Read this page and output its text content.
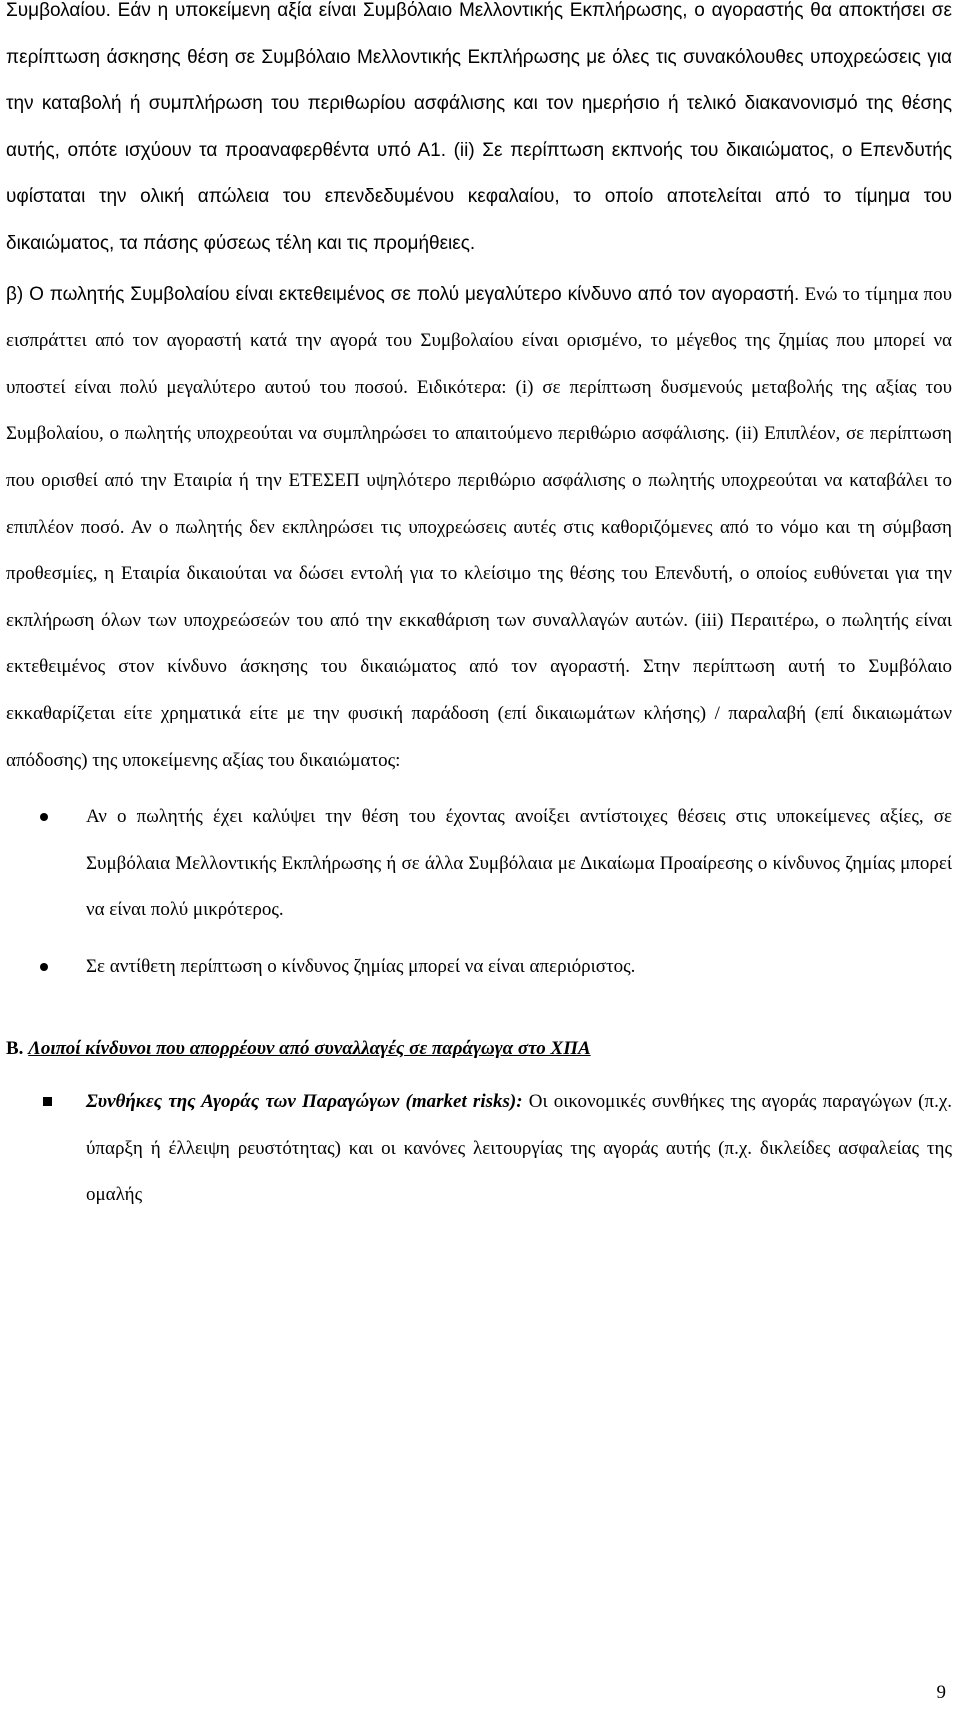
Συμβολαίου. Εάν η υποκείμενη αξία είναι Συμβόλαιο Μελλοντικής Εκπλήρωσης, ο αγοραστής θα αποκτήσει σε περίπτωση άσκησης θέση σε Συμβόλαιο Μελλοντικής Εκπλήρωσης με όλες τις συνακόλουθες υποχρεώσεις για την καταβολή ή συμπλήρωση του περιθωρίου ασφάλισης και τον ημερήσιο ή τελικό διακανονισμό της θέσης αυτής, οπότε ισχύουν τα προαναφερθέντα υπό Α1. (ii) Σε περίπτωση εκπνοής του δικαιώματος, ο Επενδυτής υφίσταται την ολική απώλεια του επενδεδυμένου κεφαλαίου, το οποίο αποτελείται από το τίμημα του δικαιώματος, τα πάσης φύσεως τέλη και τις προμήθειες.

β) Ο πωλητής Συμβολαίου είναι εκτεθειμένος σε πολύ μεγαλύτερο κίνδυνο από τον αγοραστή. Ενώ το τίμημα που εισπράττει από τον αγοραστή κατά την αγορά του Συμβολαίου είναι ορισμένο, το μέγεθος της ζημίας που μπορεί να υποστεί είναι πολύ μεγαλύτερο αυτού του ποσού. Ειδικότερα: (i) σε περίπτωση δυσμενούς μεταβολής της αξίας του Συμβολαίου, ο πωλητής υποχρεούται να συμπληρώσει το απαιτούμενο περιθώριο ασφάλισης. (ii) Επιπλέον, σε περίπτωση που ορισθεί από την Εταιρία ή την ΕΤΕΣΕΠ υψηλότερο περιθώριο ασφάλισης ο πωλητής υποχρεούται να καταβάλει το επιπλέον ποσό. Αν ο πωλητής δεν εκπληρώσει τις υποχρεώσεις αυτές στις καθοριζόμενες από το νόμο και τη σύμβαση προθεσμίες, η Εταιρία δικαιούται να δώσει εντολή για το κλείσιμο της θέσης του Επενδυτή, ο οποίος ευθύνεται για την εκπλήρωση όλων των υποχρεώσεών του από την εκκαθάριση των συναλλαγών αυτών. (iii) Περαιτέρω, ο πωλητής είναι εκτεθειμένος στον κίνδυνο άσκησης του δικαιώματος από τον αγοραστή. Στην περίπτωση αυτή το Συμβόλαιο εκκαθαρίζεται είτε χρηματικά είτε με την φυσική παράδοση (επί δικαιωμάτων κλήσης) / παραλαβή (επί δικαιωμάτων απόδοσης) της υποκείμενης αξίας του δικαιώματος:

Αν ο πωλητής έχει καλύψει την θέση του έχοντας ανοίξει αντίστοιχες θέσεις στις υποκείμενες αξίες, σε Συμβόλαια Μελλοντικής Εκπλήρωσης ή σε άλλα Συμβόλαια με Δικαίωμα Προαίρεσης ο κίνδυνος ζημίας μπορεί να είναι πολύ μικρότερος.
Σε αντίθετη περίπτωση ο κίνδυνος ζημίας μπορεί να είναι απεριόριστος.

B. Λοιποί κίνδυνοι που απορρέουν από συναλλαγές σε παράγωγα στο ΧΠΑ

Συνθήκες της Αγοράς των Παραγώγων (market risks): Οι οικονομικές συνθήκες της αγοράς παραγώγων (π.χ. ύπαρξη ή έλλειψη ρευστότητας) και οι κανόνες λειτουργίας της αγοράς αυτής (π.χ. δικλείδες ασφαλείας της ομαλής
9
